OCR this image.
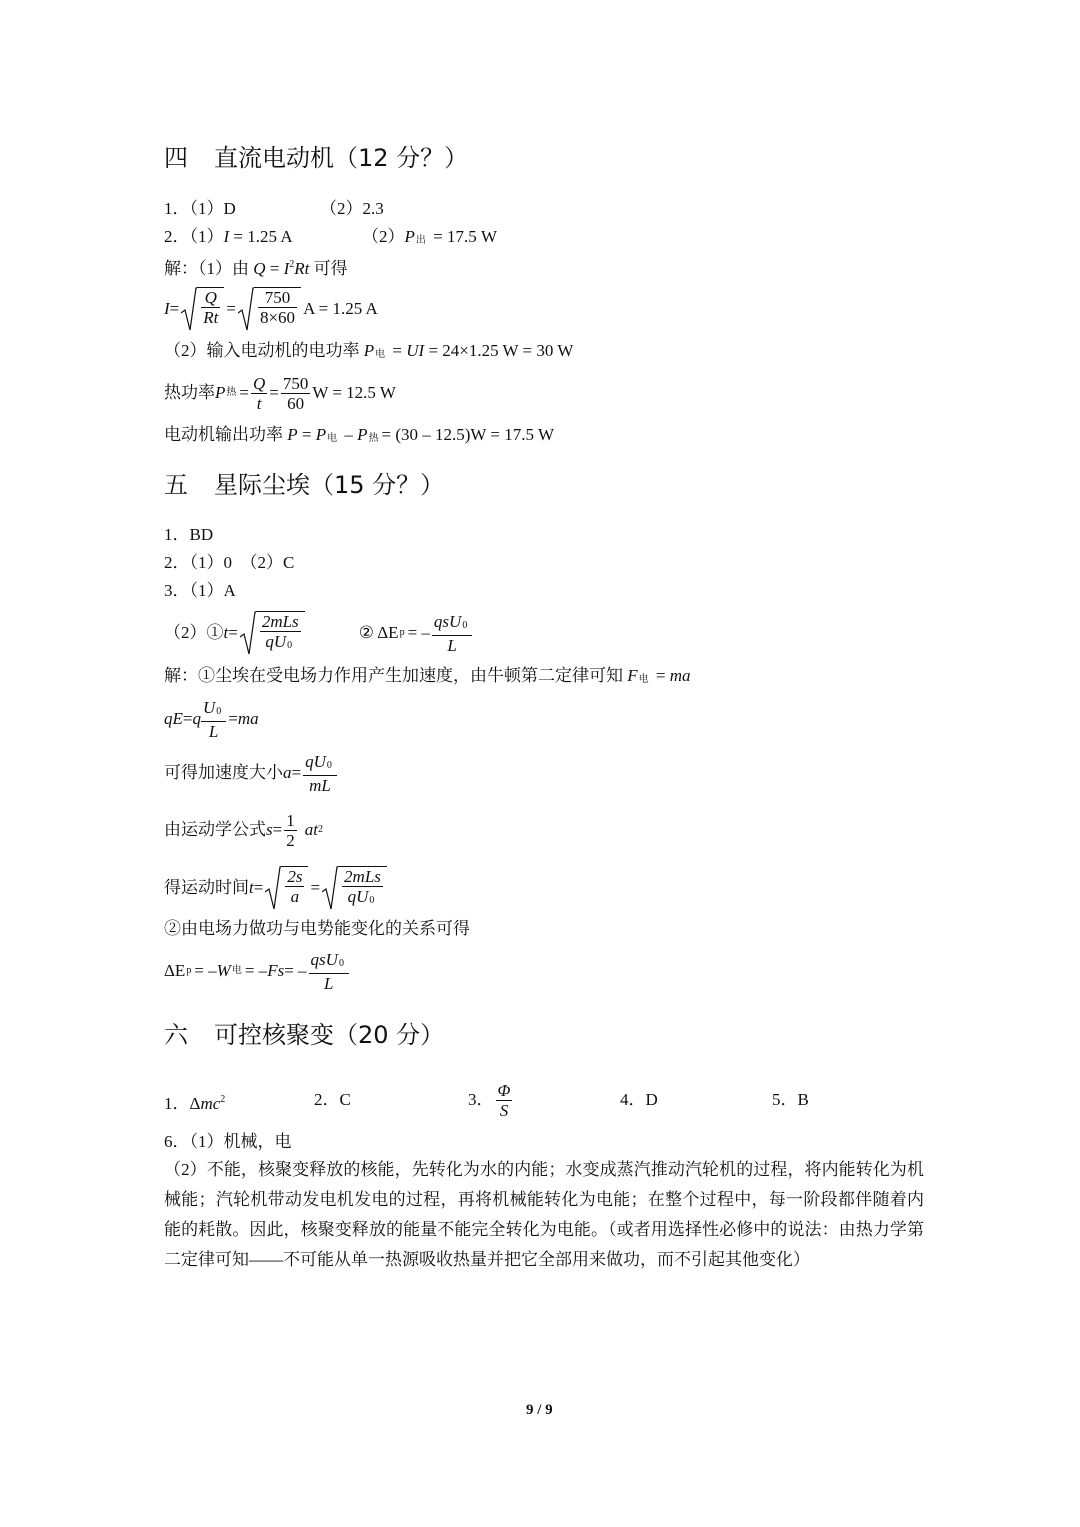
四 直流电动机（12 分？）
1．（1）D	（2）2.3
2．（1）I = 1.25 A	（2）P出 = 17.5 W
解：（1）由 $Q = I^2Rt$ 可得
$I = \frac{Q}{Rt} = \frac{750}{8\times 60}$ A = 1.25 A
（2）输入电动机的电功率 P电 = UI = 24×1.25 W = 30 W
热功率 P 热 = $\frac{Q}{t} = \frac{750}{60}$ W = 12.5 W
电动机输出功率 P = P电 – P热 = (30 – 12.5)W = 17.5 W
五 星际尘埃（15 分？）
1．BD
2．（1）0　（2）C
3．（1）A
（2）① $t = \frac{\text{2mLs}}{qU0}$	② ΔE p = – $\frac{\text{qsU0}}{L}$
解：①尘埃在受电场力作用产生加速度，由牛顿第二定律可知 F电 = ma
qE = q $\frac{U0}{L}$ = ma
可得加速度大小 $a = \frac{qU0}{mL}$
由运动学公式 $s = \frac{1}{2}$ at 2
得运动时间 $t = \frac{2s}{a} = \frac{\text{2mLs}}{qU0}$
②由电场力做功与电势能变化的关系可得
ΔE p = – W 电 = – Fs = – $\frac{\text{qsU0}}{L}$
六 可控核聚变（20 分）
1．Δmc$^2$	2．C	3． $\frac{\Phi}{S}$	4．D	5．B
6．（1）机械，电
（2）不能，核聚变释放的核能，先转化为水的内能；水变成蒸汽推动汽轮机的过程，将内能转化为机械能；汽轮机带动发电机发电的过程，再将机械能转化为电能；在整个过程中，每一阶段都伴随着内能的耗散。因此，核聚变释放的能量不能完全转化为电能。（或者用选择性必修中的说法：由热力学第二定律可知——不可能从单一热源吸收热量并把它全部用来做功，而不引起其他变化）
9 / 9
